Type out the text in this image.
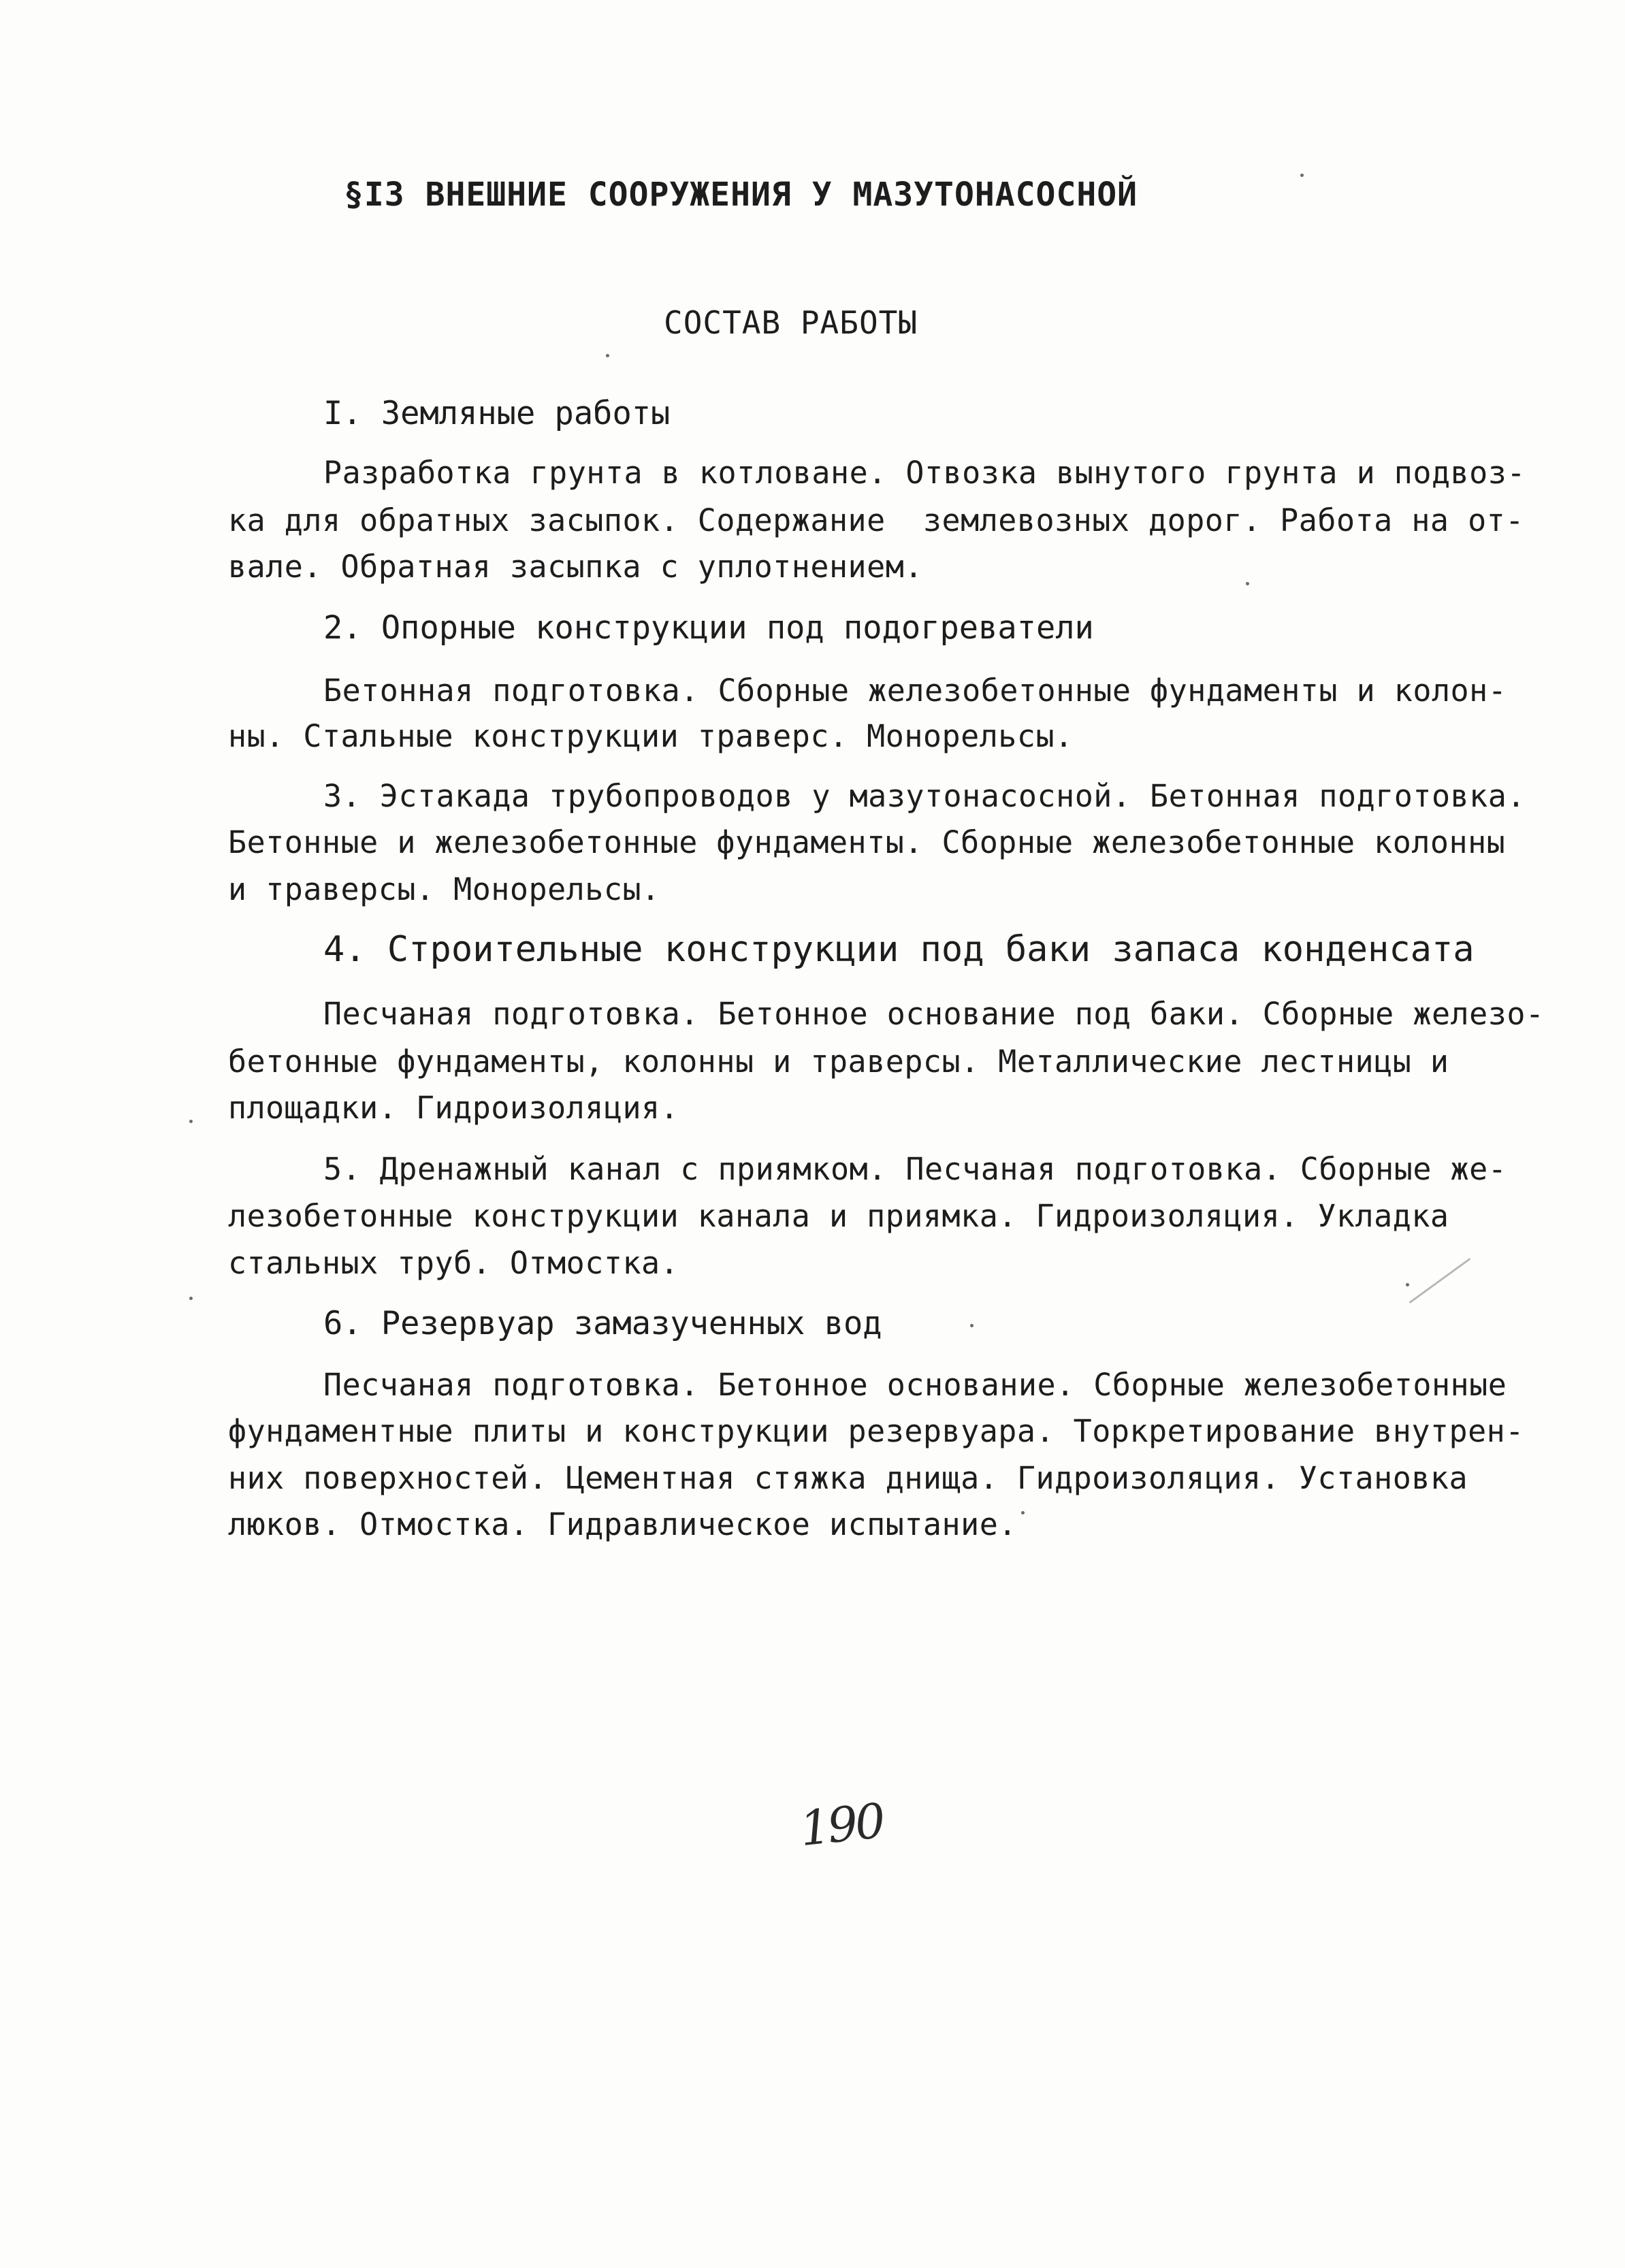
§I3 ВНЕШНИЕ СООРУЖЕНИЯ У МАЗУТОНАСОСНОЙ
СОСТАВ РАБОТЫ
I. Земляные работы
Разработка грунта в котловане. Отвозка вынутого грунта и подвоз-
ка для обратных засыпок. Содержание  землевозных дорог. Работа на от-
вале. Обратная засыпка с уплотнением.
2. Опорные конструкции под подогреватели
Бетонная подготовка. Сборные железобетонные фундаменты и колон-
ны. Стальные конструкции траверс. Монорельсы.
3. Эстакада трубопроводов у мазутонасосной. Бетонная подготовка.
Бетонные и железобетонные фундаменты. Сборные железобетонные колонны
и траверсы. Монорельсы.
4. Строительные конструкции под баки запаса конденсата
Песчаная подготовка. Бетонное основание под баки. Сборные железо-
бетонные фундаменты, колонны и траверсы. Металлические лестницы и
площадки. Гидроизоляция.
5. Дренажный канал с приямком. Песчаная подготовка. Сборные же-
лезобетонные конструкции канала и приямка. Гидроизоляция. Укладка
стальных труб. Отмостка.
6. Резервуар замазученных вод
Песчаная подготовка. Бетонное основание. Сборные железобетонные
фундаментные плиты и конструкции резервуара. Торкретирование внутрен-
них поверхностей. Цементная стяжка днища. Гидроизоляция. Установка
люков. Отмостка. Гидравлическое испытание.
190
